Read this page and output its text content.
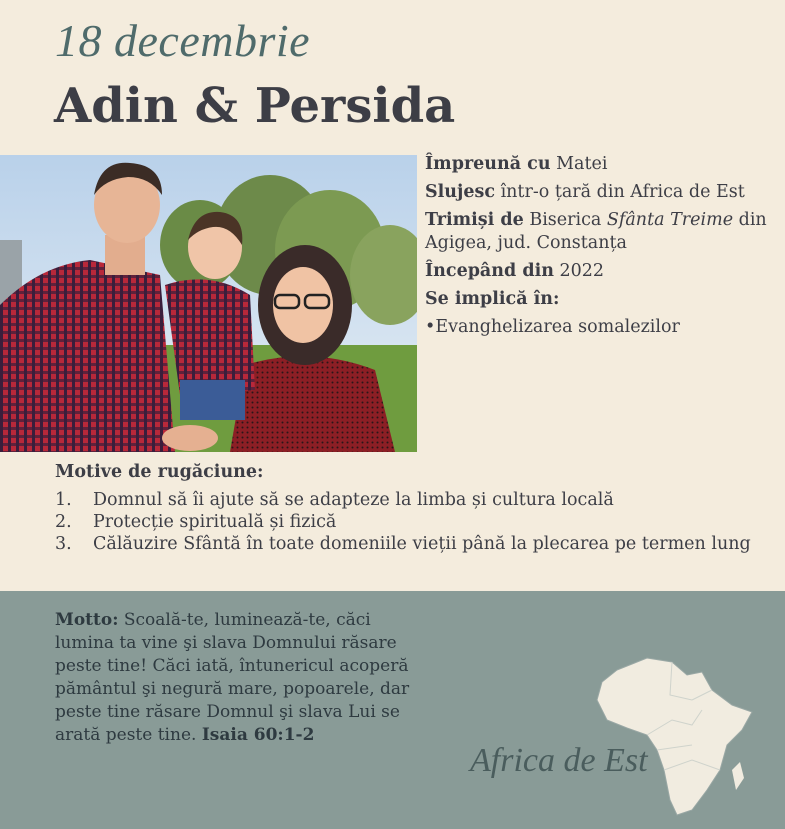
18 decembrie
Adin & Persida

Împreună cu Matei

Slujesc într-o țară din Africa de Est

Trimiși de Biserica Sfânta Treime din Agigea, jud. Constanța

Începând din 2022

Se implică în:

•Evanghelizarea somalezilor

Motive de rugăciune:
1.	Domnul să îi ajute să se adapteze la limba și cultura locală
2.	Protecție spirituală și fizică
3.	Călăuzire Sfântă în toate domeniile vieții până la plecarea pe termen lung
Motto: Scoală-te, luminează-te, căci lumina ta vine şi slava Domnului răsare peste tine! Căci iată, întunericul acoperă pământul şi negură mare, popoarele, dar peste tine răsare Domnul şi slava Lui se arată peste tine. Isaia 60:1-2
Africa de Est
